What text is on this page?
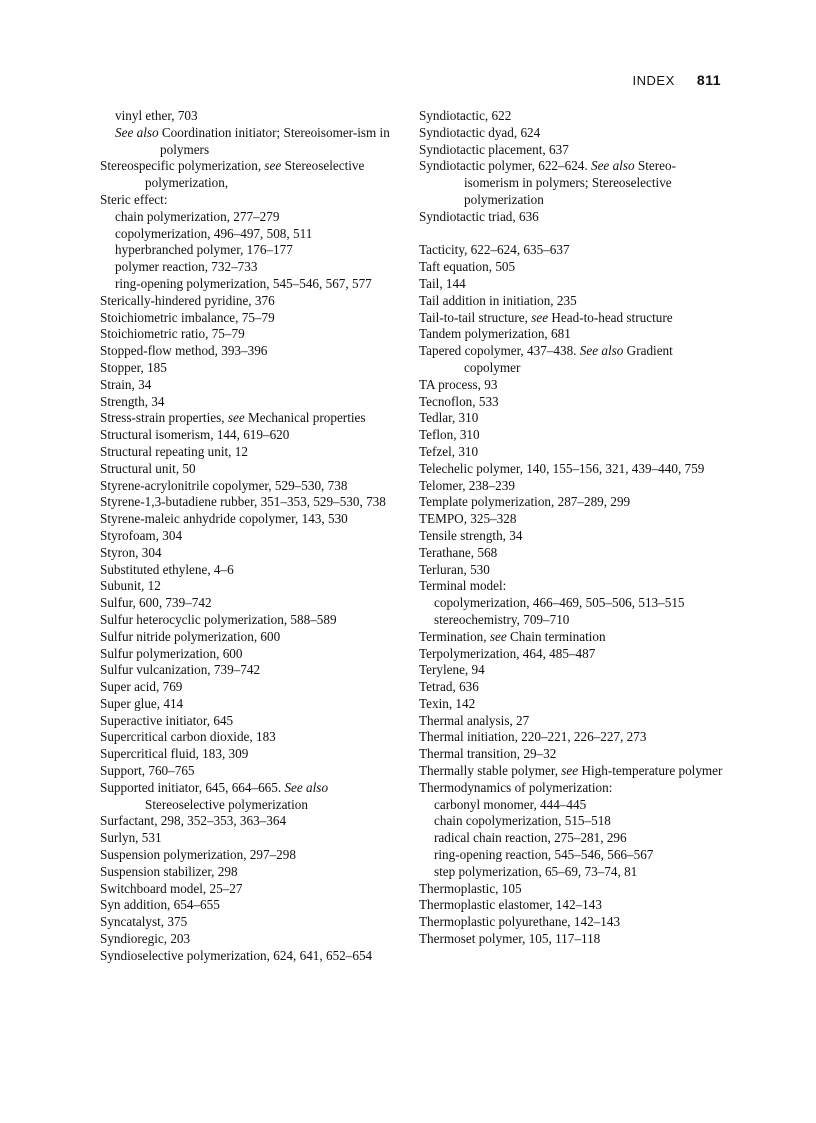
INDEX 811

vinyl ether, 703

See also Coordination initiator; Stereoisomer-ism in polymers

Stereospecific polymerization, see Stereoselective polymerization,

Steric effect:

chain polymerization, 277–279

copolymerization, 496–497, 508, 511

hyperbranched polymer, 176–177

polymer reaction, 732–733

ring-opening polymerization, 545–546, 567, 577

Sterically-hindered pyridine, 376

Stoichiometric imbalance, 75–79

Stoichiometric ratio, 75–79

Stopped-flow method, 393–396

Stopper, 185

Strain, 34

Strength, 34

Stress-strain properties, see Mechanical properties

Structural isomerism, 144, 619–620

Structural repeating unit, 12

Structural unit, 50

Styrene-acrylonitrile copolymer, 529–530, 738

Styrene-1,3-butadiene rubber, 351–353, 529–530, 738

Styrene-maleic anhydride copolymer, 143, 530

Styrofoam, 304

Styron, 304

Substituted ethylene, 4–6

Subunit, 12

Sulfur, 600, 739–742

Sulfur heterocyclic polymerization, 588–589

Sulfur nitride polymerization, 600

Sulfur polymerization, 600

Sulfur vulcanization, 739–742

Super acid, 769

Super glue, 414

Superactive initiator, 645

Supercritical carbon dioxide, 183

Supercritical fluid, 183, 309

Support, 760–765

Supported initiator, 645, 664–665. See also Stereoselective polymerization

Surfactant, 298, 352–353, 363–364

Surlyn, 531

Suspension polymerization, 297–298

Suspension stabilizer, 298

Switchboard model, 25–27

Syn addition, 654–655

Syncatalyst, 375

Syndioregic, 203

Syndioselective polymerization, 624, 641, 652–654

Syndiotactic, 622

Syndiotactic dyad, 624

Syndiotactic placement, 637

Syndiotactic polymer, 622–624. See also Stereo-isomerism in polymers; Stereoselective polymerization

Syndiotactic triad, 636

Tacticity, 622–624, 635–637

Taft equation, 505

Tail, 144

Tail addition in initiation, 235

Tail-to-tail structure, see Head-to-head structure

Tandem polymerization, 681

Tapered copolymer, 437–438. See also Gradient copolymer

TA process, 93

Tecnoflon, 533

Tedlar, 310

Teflon, 310

Tefzel, 310

Telechelic polymer, 140, 155–156, 321, 439–440, 759

Telomer, 238–239

Template polymerization, 287–289, 299

TEMPO, 325–328

Tensile strength, 34

Terathane, 568

Terluran, 530

Terminal model:

copolymerization, 466–469, 505–506, 513–515

stereochemistry, 709–710

Termination, see Chain termination

Terpolymerization, 464, 485–487

Terylene, 94

Tetrad, 636

Texin, 142

Thermal analysis, 27

Thermal initiation, 220–221, 226–227, 273

Thermal transition, 29–32

Thermally stable polymer, see High-temperature polymer

Thermodynamics of polymerization:

carbonyl monomer, 444–445

chain copolymerization, 515–518

radical chain reaction, 275–281, 296

ring-opening reaction, 545–546, 566–567

step polymerization, 65–69, 73–74, 81

Thermoplastic, 105

Thermoplastic elastomer, 142–143

Thermoplastic polyurethane, 142–143

Thermoset polymer, 105, 117–118
